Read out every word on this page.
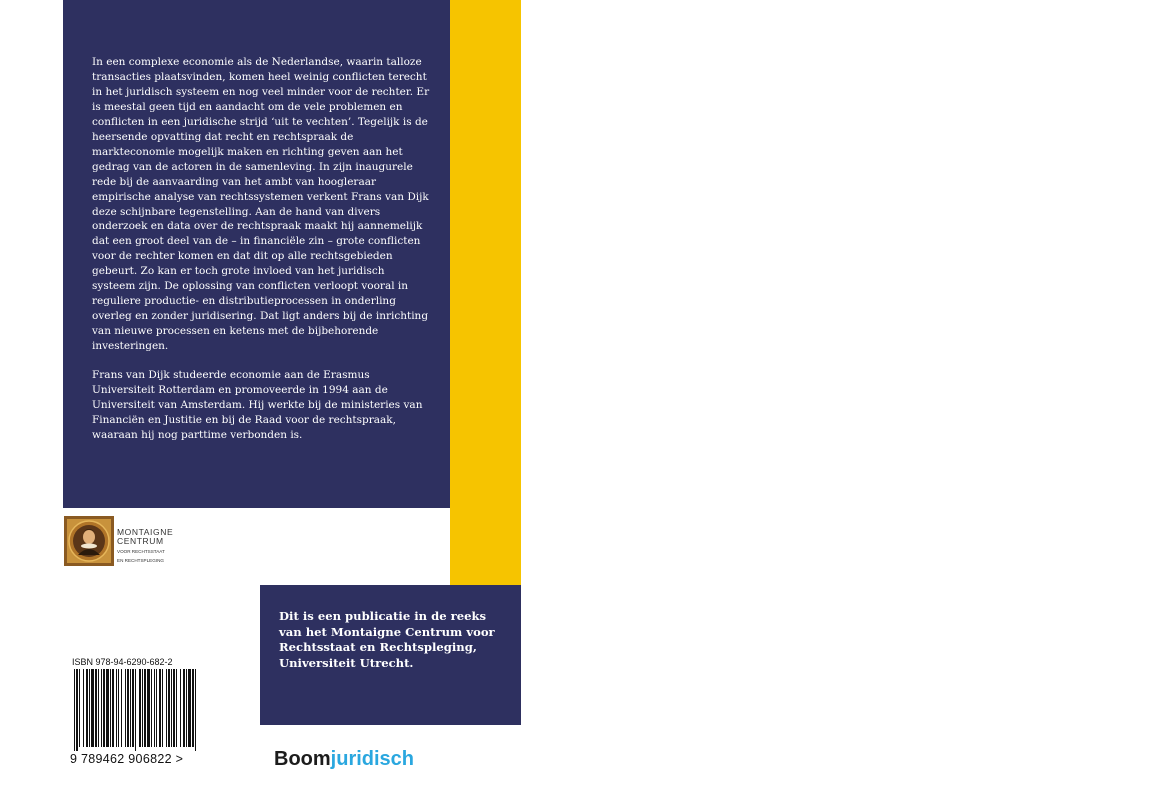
M

In een complexe economie als de Nederlandse, waarin talloze transacties plaatsvinden, komen heel weinig conflicten terecht in het juridisch systeem en nog veel minder voor de rechter. Er is meestal geen tijd en aandacht om de vele problemen en conflicten in een juridische strijd ‘uit te vechten’. Tegelijk is de heersende opvatting dat recht en rechtspraak de markteconomie mogelijk maken en richting geven aan het gedrag van de actoren in de samenleving. In zijn inaugurele rede bij de aanvaarding van het ambt van hoogleraar empirische analyse van rechtssystemen verkent Frans van Dijk deze schijnbare tegenstelling. Aan de hand van divers onderzoek en data over de rechtspraak maakt hij aannemelijk dat een groot deel van de – in financiële zin – grote conflicten voor de rechter komen en dat dit op alle rechtsgebieden gebeurt. Zo kan er toch grote invloed van het juridisch systeem zijn. De oplossing van conflicten verloopt vooral in reguliere productie- en distributieprocessen in onderling overleg en zonder juridisering. Dat ligt anders bij de inrichting van nieuwe processen en ketens met de bijbehorende investeringen.

Frans van Dijk studeerde economie aan de Erasmus Universiteit Rotterdam en promoveerde in 1994 aan de Universiteit van Amsterdam. Hij werkte bij de ministeries van Financiën en Justitie en bij de Raad voor de rechtspraak, waaraan hij nog parttime verbonden is.

MONTAIGNE
CENTRUM
VOOR RECHTSSTAAT
EN RECHTSPLEGING
Dit is een publicatie in de reeks van het Montaigne Centrum voor Rechtsstaat en Rechtspleging, Universiteit Utrecht.
ISBN 978-94-6290-682-2
9 789462 906822 >	Boomjuridisch
